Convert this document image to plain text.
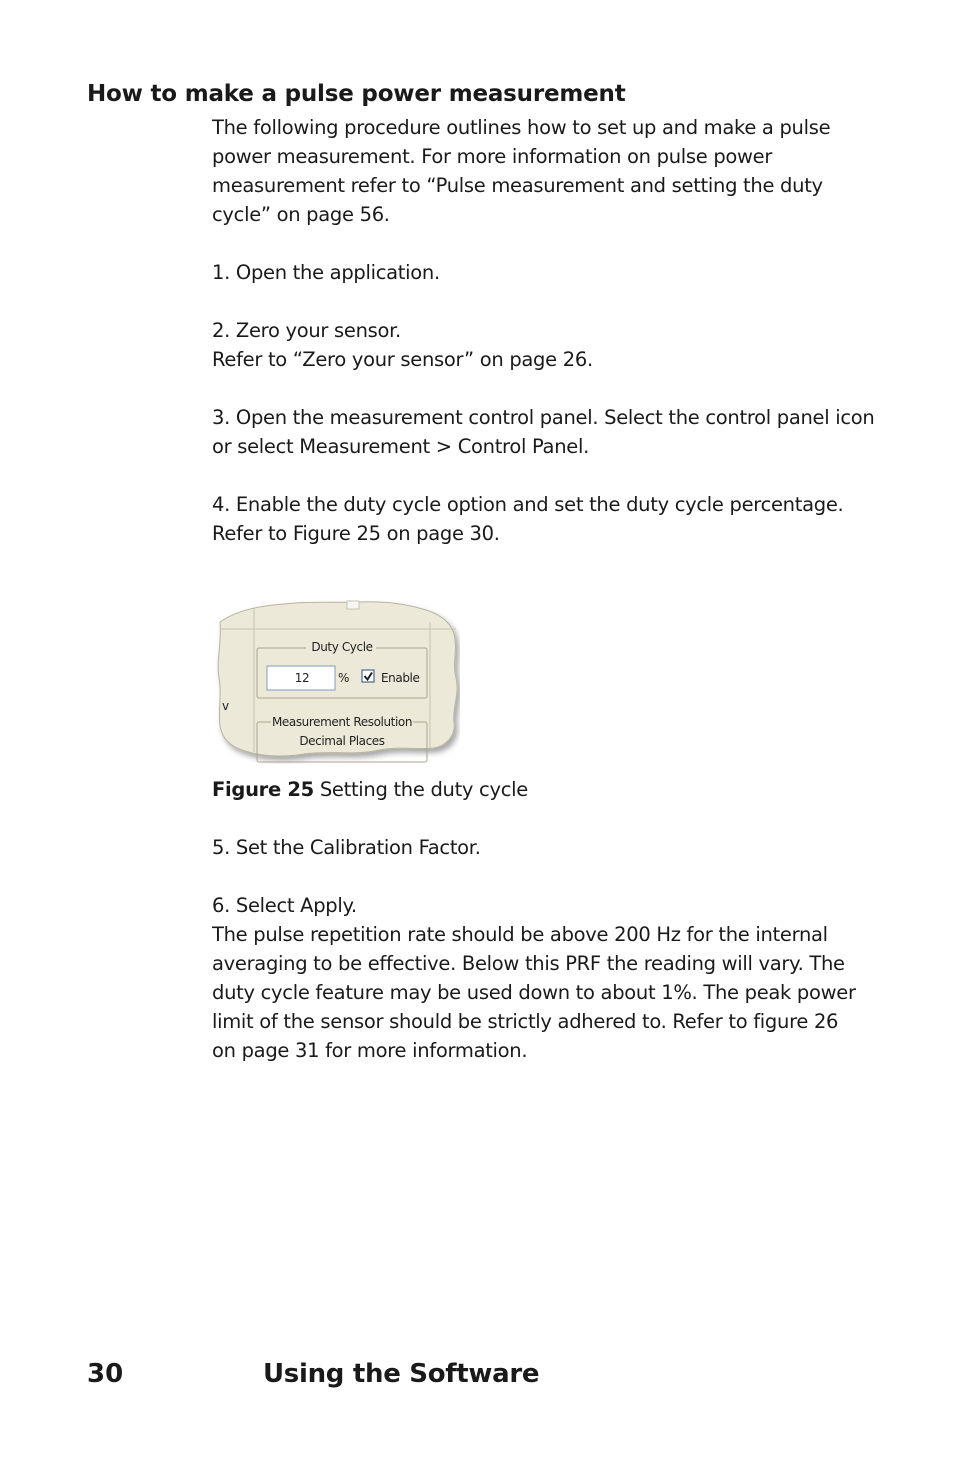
How to make a pulse power measurement

The following procedure outlines how to set up and make a pulse

power measurement. For more information on pulse power

measurement refer to “Pulse measurement and setting the duty

cycle” on page 56.

1. Open the application.

2. Zero your sensor.

Refer to “Zero your sensor” on page 26.

3. Open the measurement control panel. Select the control panel icon

or select Measurement > Control Panel.

4. Enable the duty cycle option and set the duty cycle percentage.

Refer to Figure 25 on page 30.

v
Duty Cycle
12 %	Enable
Measurement Resolution
Decimal Places

Figure 25 Setting the duty cycle

5. Set the Calibration Factor.

6. Select Apply.

The pulse repetition rate should be above 200 Hz for the internal

averaging to be effective. Below this PRF the reading will vary. The

duty cycle feature may be used down to about 1%. The peak power

limit of the sensor should be strictly adhered to. Refer to figure 26

on page 31 for more information.

30	Using the Software
